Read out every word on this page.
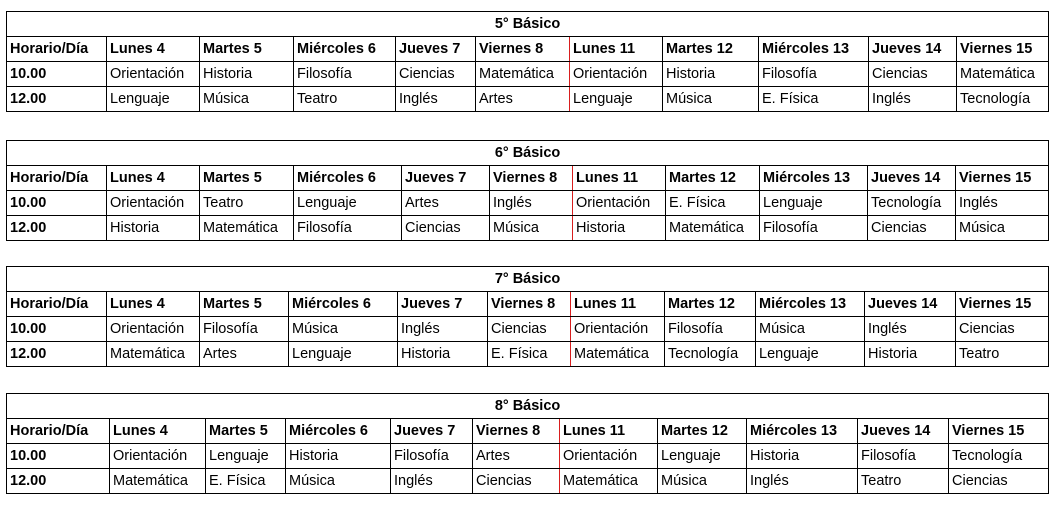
5° Básico										
Horario/Día	Lunes 4	Martes 5	Miércoles 6	Jueves 7	Viernes 8	Lunes 11	Martes 12	Miércoles 13	Jueves 14	Viernes 15
10.00	Orientación	Historia	Filosofía	Ciencias	Matemática	Orientación	Historia	Filosofía	Ciencias	Matemática
12.00	Lenguaje	Música	Teatro	Inglés	Artes	Lenguaje	Música	E. Física	Inglés	Tecnología
6° Básico										
Horario/Día	Lunes 4	Martes 5	Miércoles 6	Jueves 7	Viernes 8	Lunes 11	Martes 12	Miércoles 13	Jueves 14	Viernes 15
10.00	Orientación	Teatro	Lenguaje	Artes	Inglés	Orientación	E. Física	Lenguaje	Tecnología	Inglés
12.00	Historia	Matemática	Filosofía	Ciencias	Música	Historia	Matemática	Filosofía	Ciencias	Música
7° Básico										
Horario/Día	Lunes 4	Martes 5	Miércoles 6	Jueves 7	Viernes 8	Lunes 11	Martes 12	Miércoles 13	Jueves 14	Viernes 15
10.00	Orientación	Filosofía	Música	Inglés	Ciencias	Orientación	Filosofía	Música	Inglés	Ciencias
12.00	Matemática	Artes	Lenguaje	Historia	E. Física	Matemática	Tecnología	Lenguaje	Historia	Teatro
8° Básico										
Horario/Día	Lunes 4	Martes 5	Miércoles 6	Jueves 7	Viernes 8	Lunes 11	Martes 12	Miércoles 13	Jueves 14	Viernes 15
10.00	Orientación	Lenguaje	Historia	Filosofía	Artes	Orientación	Lenguaje	Historia	Filosofía	Tecnología
12.00	Matemática	E. Física	Música	Inglés	Ciencias	Matemática	Música	Inglés	Teatro	Ciencias
